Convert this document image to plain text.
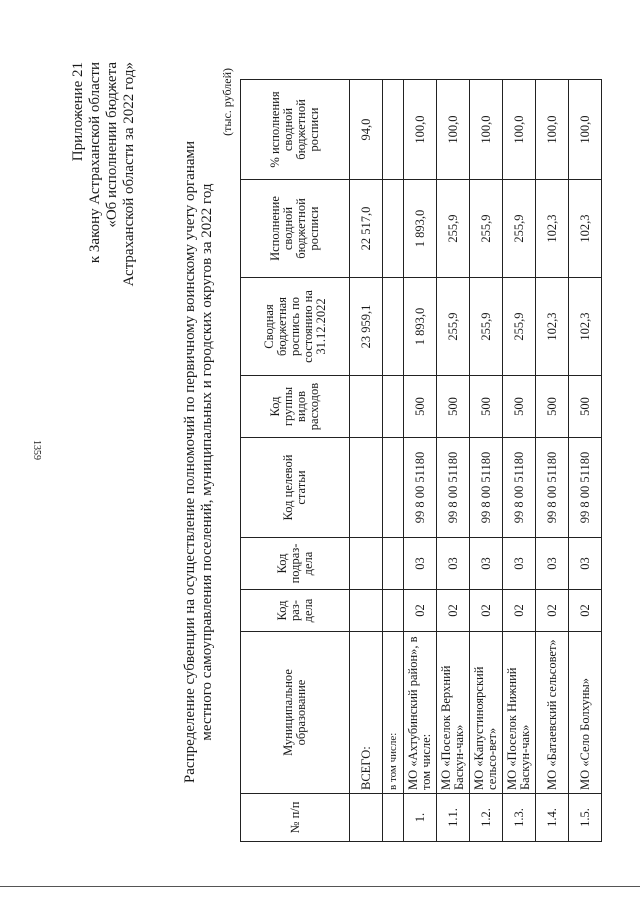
1359
Приложение 21 к Закону Астраханской области «Об исполнении бюджета Астраханской области за 2022 год»	Распределение субвенции на осуществление полномочий по первичному воинскому учету органами местного самоуправления поселений, муниципальных и городских округов за 2022 год
(тыс. рублей)
№ п/п	Муниципальное образование	Код раз-дела	Код подраз-дела	Код целевой статьи	Код группы видов расходов	Сводная бюджетная роспись по состоянию на 31.12.2022	Исполнение сводной бюджетной росписи	% исполнения сводной бюджетной росписи
	ВСЕГО:					23 959,1	22 517,0	94,0
	в том числе:							
1.	МО «Ахтубинский район», в том числе:	02	03	99 8 00 51180	500	1 893,0	1 893,0	100,0
1.1.	МО «Поселок Верхний Баскун-чак»	02	03	99 8 00 51180	500	255,9	255,9	100,0
1.2.	МО «Капустиноярский сельсо-вет»	02	03	99 8 00 51180	500	255,9	255,9	100,0
1.3.	МО «Поселок Нижний Баскун-чак»	02	03	99 8 00 51180	500	255,9	255,9	100,0
1.4.	МО «Батаевский сельсовет»	02	03	99 8 00 51180	500	102,3	102,3	100,0
1.5.	МО «Село Болхуны»	02	03	99 8 00 51180	500	102,3	102,3	100,0
